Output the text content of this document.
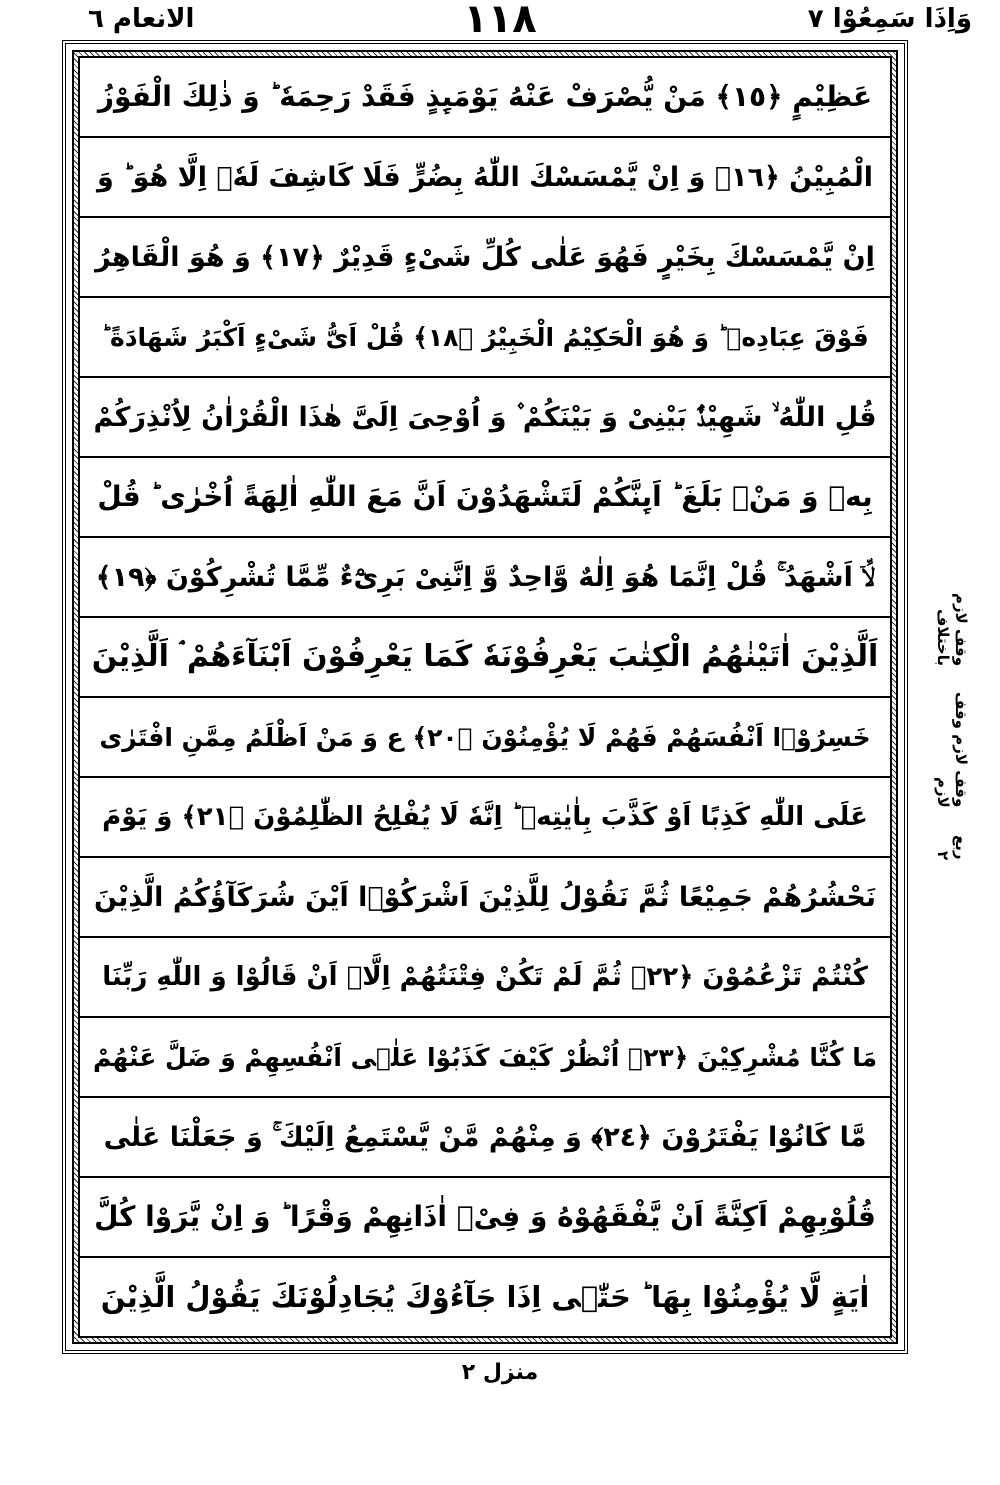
وَاِذَا سَمِعُوْا ٧
١١٨
الانعام ٦
عَظِیْمٍ ﴿١٥﴾ مَنْ یُّصْرَفْ عَنْهُ یَوْمَىِٕذٍ فَقَدْ رَحِمَهٗ ؕ وَ ذٰلِكَ الْفَوْزُ
الْمُبِیْنُ ﴿١٦﴾ وَ اِنْ یَّمْسَسْكَ اللّٰهُ بِضُرٍّ فَلَا كَاشِفَ لَهٗۤ اِلَّا هُوَ ؕ وَ
اِنْ یَّمْسَسْكَ بِخَیْرٍ فَهُوَ عَلٰى كُلِّ شَیْءٍ قَدِیْرٌ ﴿١٧﴾ وَ هُوَ الْقَاهِرُ
فَوْقَ عِبَادِهٖ ؕ وَ هُوَ الْحَكِیْمُ الْخَبِیْرُ ﴿١٨﴾ قُلْ اَیُّ شَیْءٍ اَكْبَرُ شَهَادَةً ؕ
قُلِ اللّٰهُ ۙ شَهِیْدٌۢ بَیْنِیْ وَ بَیْنَكُمْ ۫ وَ اُوْحِیَ اِلَیَّ هٰذَا الْقُرْاٰنُ لِاُنْذِرَكُمْ
بِهٖ وَ مَنْۢ بَلَغَ ؕ اَىِٕنَّكُمْ لَتَشْهَدُوْنَ اَنَّ مَعَ اللّٰهِ اٰلِهَةً اُخْرٰى ؕ قُلْ
لَّاۤ اَشْهَدُ ۚ قُلْ اِنَّمَا هُوَ اِلٰهٌ وَّاحِدٌ وَّ اِنَّنِیْ بَرِیْٓءٌ مِّمَّا تُشْرِكُوْنَ ﴿١٩﴾
اَلَّذِیْنَ اٰتَیْنٰهُمُ الْكِتٰبَ یَعْرِفُوْنَهٗ كَمَا یَعْرِفُوْنَ اَبْنَآءَهُمْ ۘ اَلَّذِیْنَ
خَسِرُوْۤا اَنْفُسَهُمْ فَهُمْ لَا یُؤْمِنُوْنَ ﴿٢٠﴾ ع وَ مَنْ اَظْلَمُ مِمَّنِ افْتَرٰى
عَلَى اللّٰهِ كَذِبًا اَوْ كَذَّبَ بِاٰیٰتِهٖ ؕ اِنَّهٗ لَا یُفْلِحُ الظّٰلِمُوْنَ ﴿٢١﴾ وَ یَوْمَ
نَحْشُرُهُمْ جَمِیْعًا ثُمَّ نَقُوْلُ لِلَّذِیْنَ اَشْرَكُوْۤا اَیْنَ شُرَكَآؤُكُمُ الَّذِیْنَ
كُنْتُمْ تَزْعُمُوْنَ ﴿٢٢﴾ ثُمَّ لَمْ تَكُنْ فِتْنَتُهُمْ اِلَّاۤ اَنْ قَالُوْا وَ اللّٰهِ رَبِّنَا
مَا كُنَّا مُشْرِكِیْنَ ﴿٢٣﴾ اُنْظُرْ كَیْفَ كَذَبُوْا عَلٰۤى اَنْفُسِهِمْ وَ ضَلَّ عَنْهُمْ
مَّا كَانُوْا یَفْتَرُوْنَ ﴿٢٤﴾ وَ مِنْهُمْ مَّنْ یَّسْتَمِعُ اِلَیْكَ ۚ وَ جَعَلْنَا عَلٰى
قُلُوْبِهِمْ اَكِنَّةً اَنْ یَّفْقَهُوْهُ وَ فِیْۤ اٰذَانِهِمْ وَقْرًا ؕ وَ اِنْ یَّرَوْا كُلَّ
اٰیَةٍ لَّا یُؤْمِنُوْا بِهَا ؕ حَتّٰۤى اِذَا جَآءُوْكَ یُجَادِلُوْنَكَ یَقُوْلُ الَّذِیْنَ
وقف لازم باختلاف
وقف لازم وقف لازم
ربع ٢
منزل ٢
